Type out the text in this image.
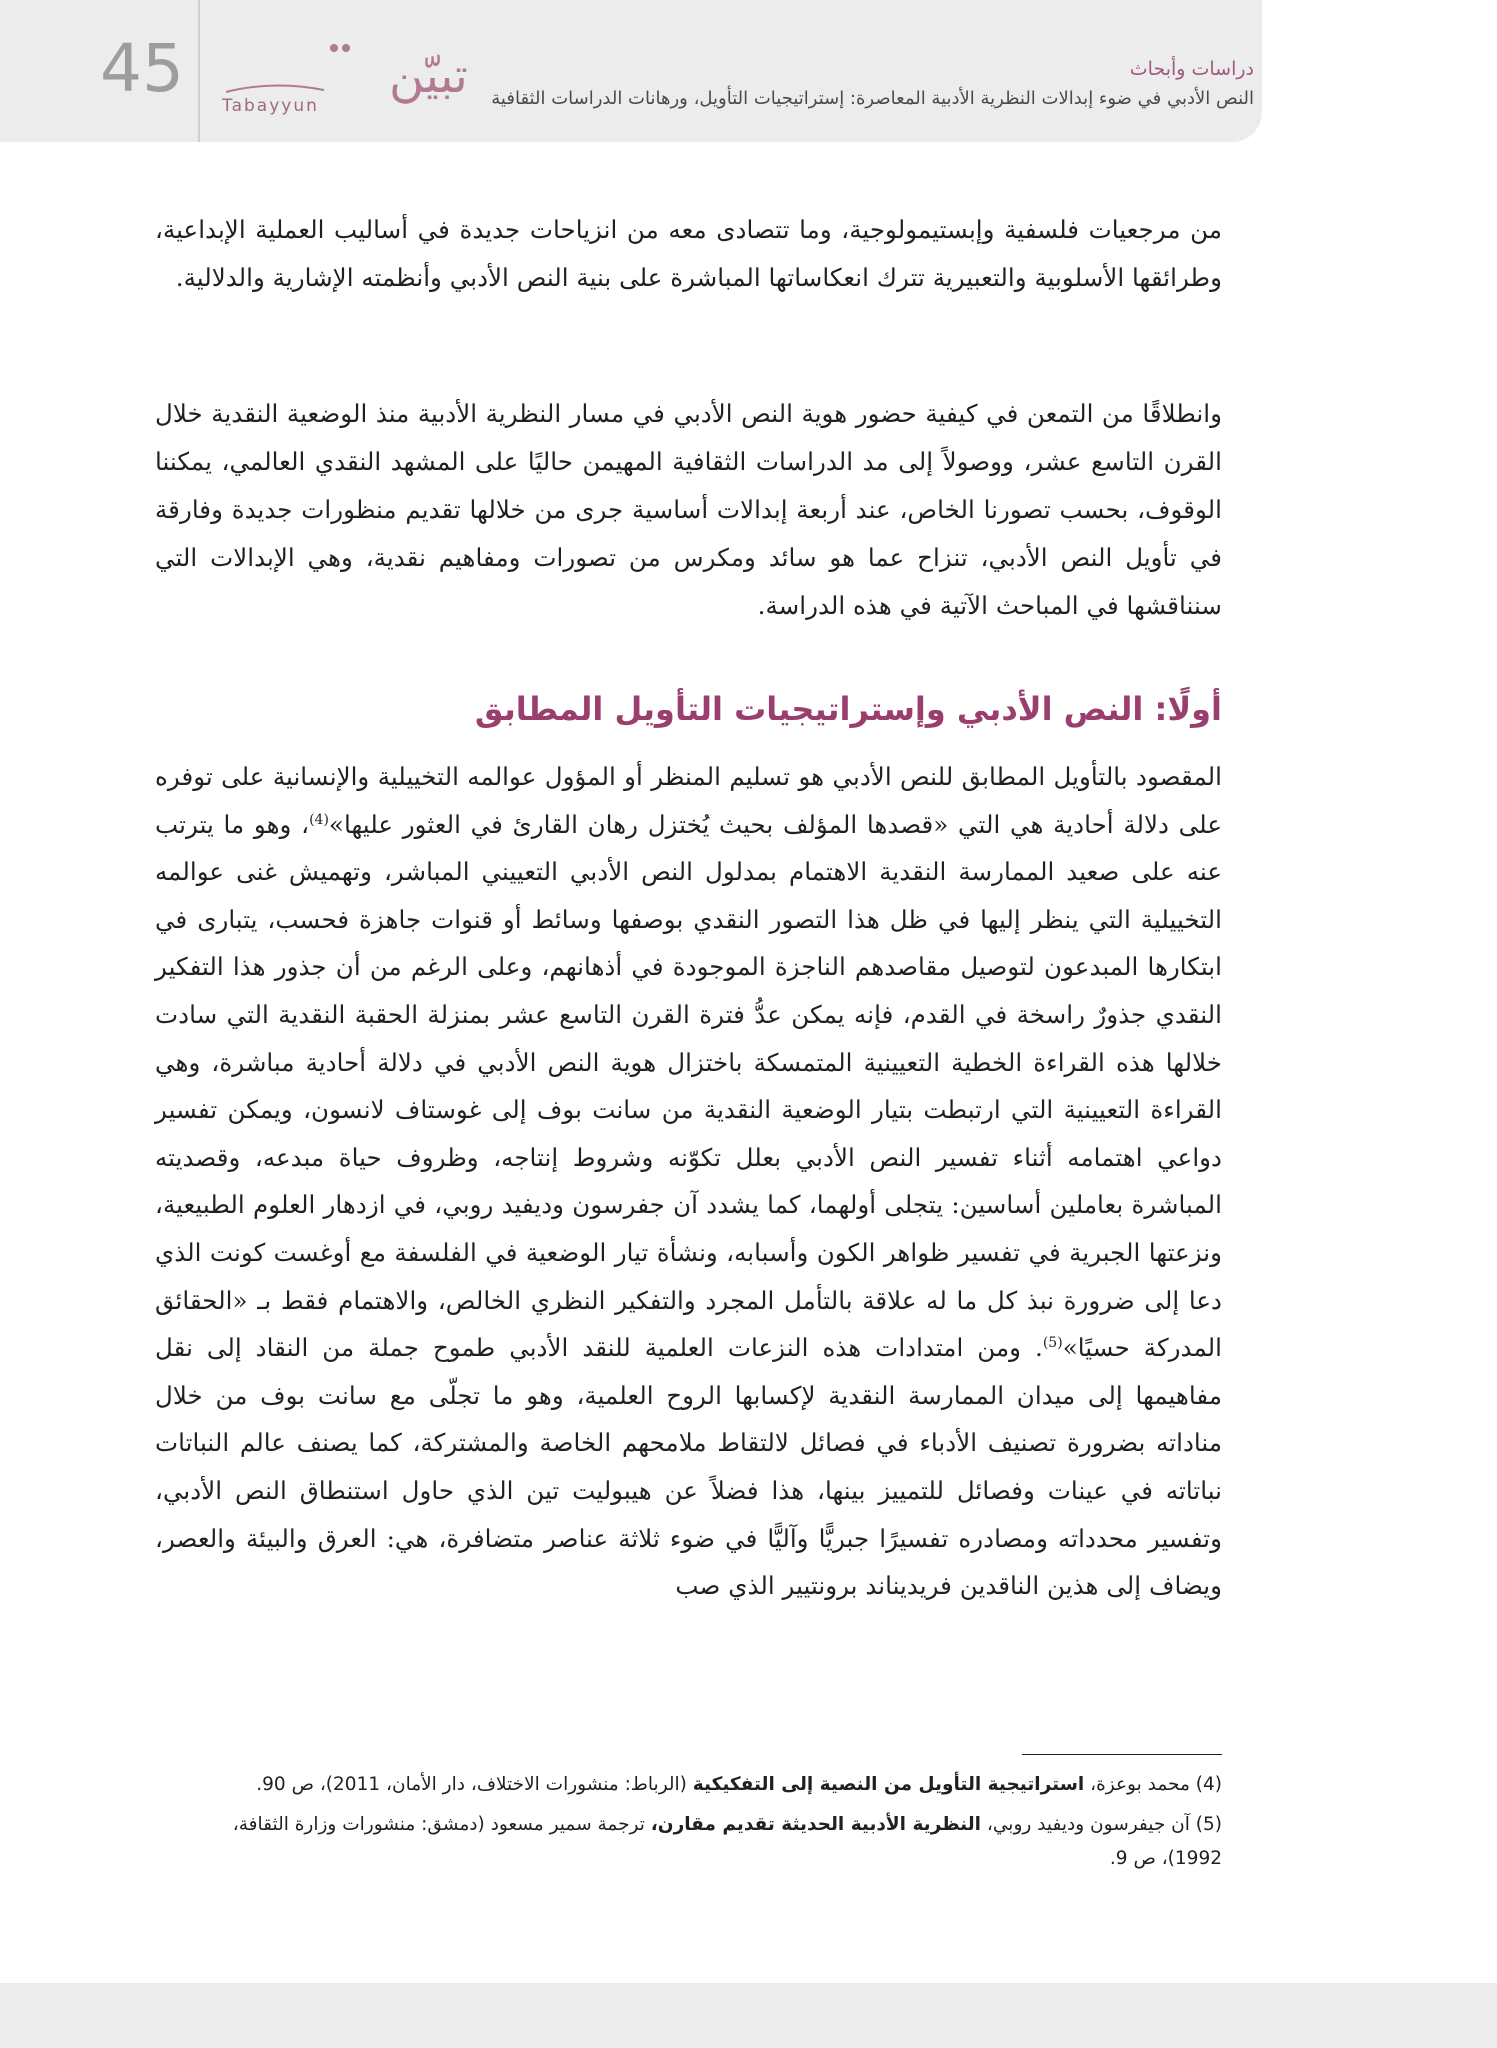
45	تبيّن
Tabayyun
دراسات وأبحاث
النص الأدبي في ضوء إبدالات النظرية الأدبية المعاصرة: إستراتيجيات التأويل، ورهانات الدراسات الثقافية

من مرجعيات فلسفية وإبستيمولوجية، وما تتصادى معه من انزياحات جديدة في أساليب العملية الإبداعية، وطرائقها الأسلوبية والتعبيرية تترك انعكاساتها المباشرة على بنية النص الأدبي وأنظمته الإشارية والدلالية.

وانطلاقًا من التمعن في كيفية حضور هوية النص الأدبي في مسار النظرية الأدبية منذ الوضعية النقدية خلال القرن التاسع عشر، ووصولاً إلى مد الدراسات الثقافية المهيمن حاليًا على المشهد النقدي العالمي، يمكننا الوقوف، بحسب تصورنا الخاص، عند أربعة إبدالات أساسية جرى من خلالها تقديم منظورات جديدة وفارقة في تأويل النص الأدبي، تنزاح عما هو سائد ومكرس من تصورات ومفاهيم نقدية، وهي الإبدالات التي سنناقشها في المباحث الآتية في هذه الدراسة.

أولًا: النص الأدبي وإستراتيجيات التأويل المطابق

المقصود بالتأويل المطابق للنص الأدبي هو تسليم المنظر أو المؤول عوالمه التخييلية والإنسانية على توفره على دلالة أحادية هي التي «قصدها المؤلف بحيث يُختزل رهان القارئ في العثور عليها»$^{(4)}$، وهو ما يترتب عنه على صعيد الممارسة النقدية الاهتمام بمدلول النص الأدبي التعييني المباشر، وتهميش غنى عوالمه التخييلية التي ينظر إليها في ظل هذا التصور النقدي بوصفها وسائط أو قنوات جاهزة فحسب، يتبارى في ابتكارها المبدعون لتوصيل مقاصدهم الناجزة الموجودة في أذهانهم، وعلى الرغم من أن جذور هذا التفكير النقدي جذورٌ راسخة في القدم، فإنه يمكن عدُّ فترة القرن التاسع عشر بمنزلة الحقبة النقدية التي سادت خلالها هذه القراءة الخطية التعيينية المتمسكة باختزال هوية النص الأدبي في دلالة أحادية مباشرة، وهي القراءة التعيينية التي ارتبطت بتيار الوضعية النقدية من سانت بوف إلى غوستاف لانسون، ويمكن تفسير دواعي اهتمامه أثناء تفسير النص الأدبي بعلل تكوّنه وشروط إنتاجه، وظروف حياة مبدعه، وقصديته المباشرة بعاملين أساسين: يتجلى أولهما، كما يشدد آن جفرسون وديفيد روبي، في ازدهار العلوم الطبيعية، ونزعتها الجبرية في تفسير ظواهر الكون وأسبابه، ونشأة تيار الوضعية في الفلسفة مع أوغست كونت الذي دعا إلى ضرورة نبذ كل ما له علاقة بالتأمل المجرد والتفكير النظري الخالص، والاهتمام فقط بـ «الحقائق المدركة حسيًا»$^{(5)}$. ومن امتدادات هذه النزعات العلمية للنقد الأدبي طموح جملة من النقاد إلى نقل مفاهيمها إلى ميدان الممارسة النقدية لإكسابها الروح العلمية، وهو ما تجلّى مع سانت بوف من خلال مناداته بضرورة تصنيف الأدباء في فصائل لالتقاط ملامحهم الخاصة والمشتركة، كما يصنف عالم النباتات نباتاته في عينات وفصائل للتمييز بينها، هذا فضلاً عن هيبوليت تين الذي حاول استنطاق النص الأدبي، وتفسير محدداته ومصادره تفسيرًا جبريًّا وآليًّا في ضوء ثلاثة عناصر متضافرة، هي: العرق والبيئة والعصر، ويضاف إلى هذين الناقدين فريديناند برونتيير الذي صب

(4) محمد بوعزة، استراتيجية التأويل من النصية إلى التفكيكية (الرباط: منشورات الاختلاف، دار الأمان، 2011)، ص 90.

(5) آن جيفرسون وديفيد روبي، النظرية الأدبية الحديثة تقديم مقارن، ترجمة سمير مسعود (دمشق: منشورات وزارة الثقافة، 1992)، ص 9.
